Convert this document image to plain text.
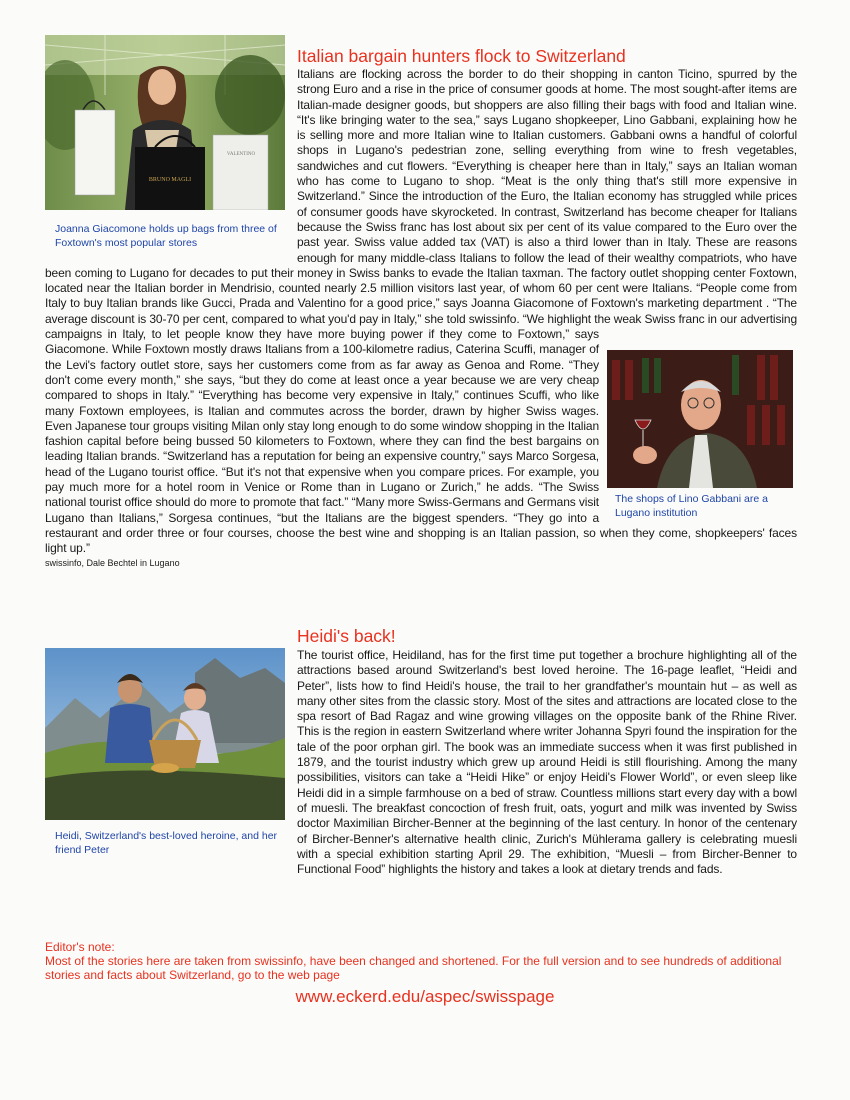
BRUNO MAGLI
VALENTINO
Joanna Giacomone holds up bags from three of Foxtown's most popular stores
Italian bargain hunters flock to Switzerland

Italians are flocking across the border to do their shopping in canton Ticino, spurred by the strong Euro and a rise in the price of consumer goods at home. The most sought-after items are Italian-made designer goods, but shoppers are also filling their bags with food and Italian wine. “It's like bringing water to the sea,” says Lugano shopkeeper, Lino Gabbani, explaining how he is selling more and more Italian wine to Italian customers. Gabbani owns a handful of colorful shops in Lugano's pedestrian zone, selling everything from wine to fresh vegetables, sandwiches and cut flowers. “Everything is cheaper here than in Italy,” says an Italian woman who has come to Lugano to shop. “Meat is the only thing that's still more expensive in Switzerland.” Since the introduction of the Euro, the Italian economy has struggled while prices of consumer goods have skyrocketed. In contrast, Switzerland has become cheaper for Italians because the Swiss franc has lost about six per cent of its value compared to the Euro over the past year. Swiss value added tax (VAT) is also a third lower than in Italy. These are reasons enough for many middle-class Italians to follow the lead of their wealthy compatriots, who have been coming to Lugano for decades to put their money in Swiss banks to evade the Italian taxman. The factory outlet shopping center Foxtown, located near the Italian border in Mendrisio, counted nearly 2.5 million visitors last year, of whom 60 per cent were Italians. “People come from Italy to buy Italian brands like Gucci, Prada and Valentino for a good price,” says Joanna Giacomone of Foxtown's marketing department . “The average discount is 30-70 per cent, compared to what you'd pay in Italy,” she told swissinfo. “We highlight the weak Swiss franc in our advertising campaigns in Italy, to let people know they have more buying power if they come to Foxtown,” says Giacomone. While Foxtown mostly draws Italians from a 100-kilometre radius, Caterina Scuffi, manager of the Levi's factory outlet store, says her customers come from as far away as Genoa and Rome. “They don't come every month,” she says, “but they do come at least once a year because we are very cheap compared to shops in Italy.” “Everything has become very expensive in Italy,” continues Scuffi, who like many Foxtown employees, is Italian and commutes across the border, drawn by higher Swiss wages. Even Japanese tour groups visiting Milan only stay long enough to do some window shopping in the Italian fashion capital before being bussed 50 kilometers to Foxtown, where they can find the best bargains on leading Italian brands. “Switzerland has a reputation for being an expensive country,” says Marco Sorgesa, head of the Lugano tourist office. “But it's not that expensive when you compare prices. For example, you pay much more for a hotel room in Venice or Rome than in Lugano or Zurich,” he adds. “The Swiss national tourist office should do more to promote that fact.” “Many more Swiss-Germans and Germans visit Lugano than Italians,” Sorgesa continues, “but the Italians are the biggest spenders. “They go into a restaurant and order three or four courses, choose the best wine and shopping is an Italian passion, so when they come, shopkeepers' faces light up.”

swissinfo, Dale Bechtel in Lugano

The shops of Lino Gabbani are a Lugano institution
Heidi's back!
Heidi, Switzerland's best-loved heroine, and her friend Peter

The tourist office, Heidiland, has for the first time put together a brochure highlighting all of the attractions based around Switzerland's best loved heroine. The 16-page leaflet, “Heidi and Peter”, lists how to find Heidi's house, the trail to her grandfather's mountain hut – as well as many other sites from the classic story. Most of the sites and attractions are located close to the spa resort of Bad Ragaz and wine growing villages on the opposite bank of the Rhine River. This is the region in eastern Switzerland where writer Johanna Spyri found the inspiration for the tale of the poor orphan girl. The book was an immediate success when it was first published in 1879, and the tourist industry which grew up around Heidi is still flourishing. Among the many possibilities, visitors can take a “Heidi Hike” or enjoy Heidi's Flower World”, or even sleep like Heidi did in a simple farmhouse on a bed of straw. Countless millions start every day with a bowl of muesli. The breakfast concoction of fresh fruit, oats, yogurt and milk was invented by Swiss doctor Maximilian Bircher-Benner at the beginning of the last century. In honor of the centenary of Bircher-Benner's alternative health clinic, Zurich's Mühlerama gallery is celebrating muesli with a special exhibition starting April 29. The exhibition, “Muesli – from Bircher-Benner to Functional Food” highlights the history and takes a look at dietary trends and fads.

Editor's note:

Most of the stories here are taken from swissinfo, have been changed and shortened. For the full version and to see hundreds of additional stories and facts about Switzerland, go to the web page

www.eckerd.edu/aspec/swisspage
